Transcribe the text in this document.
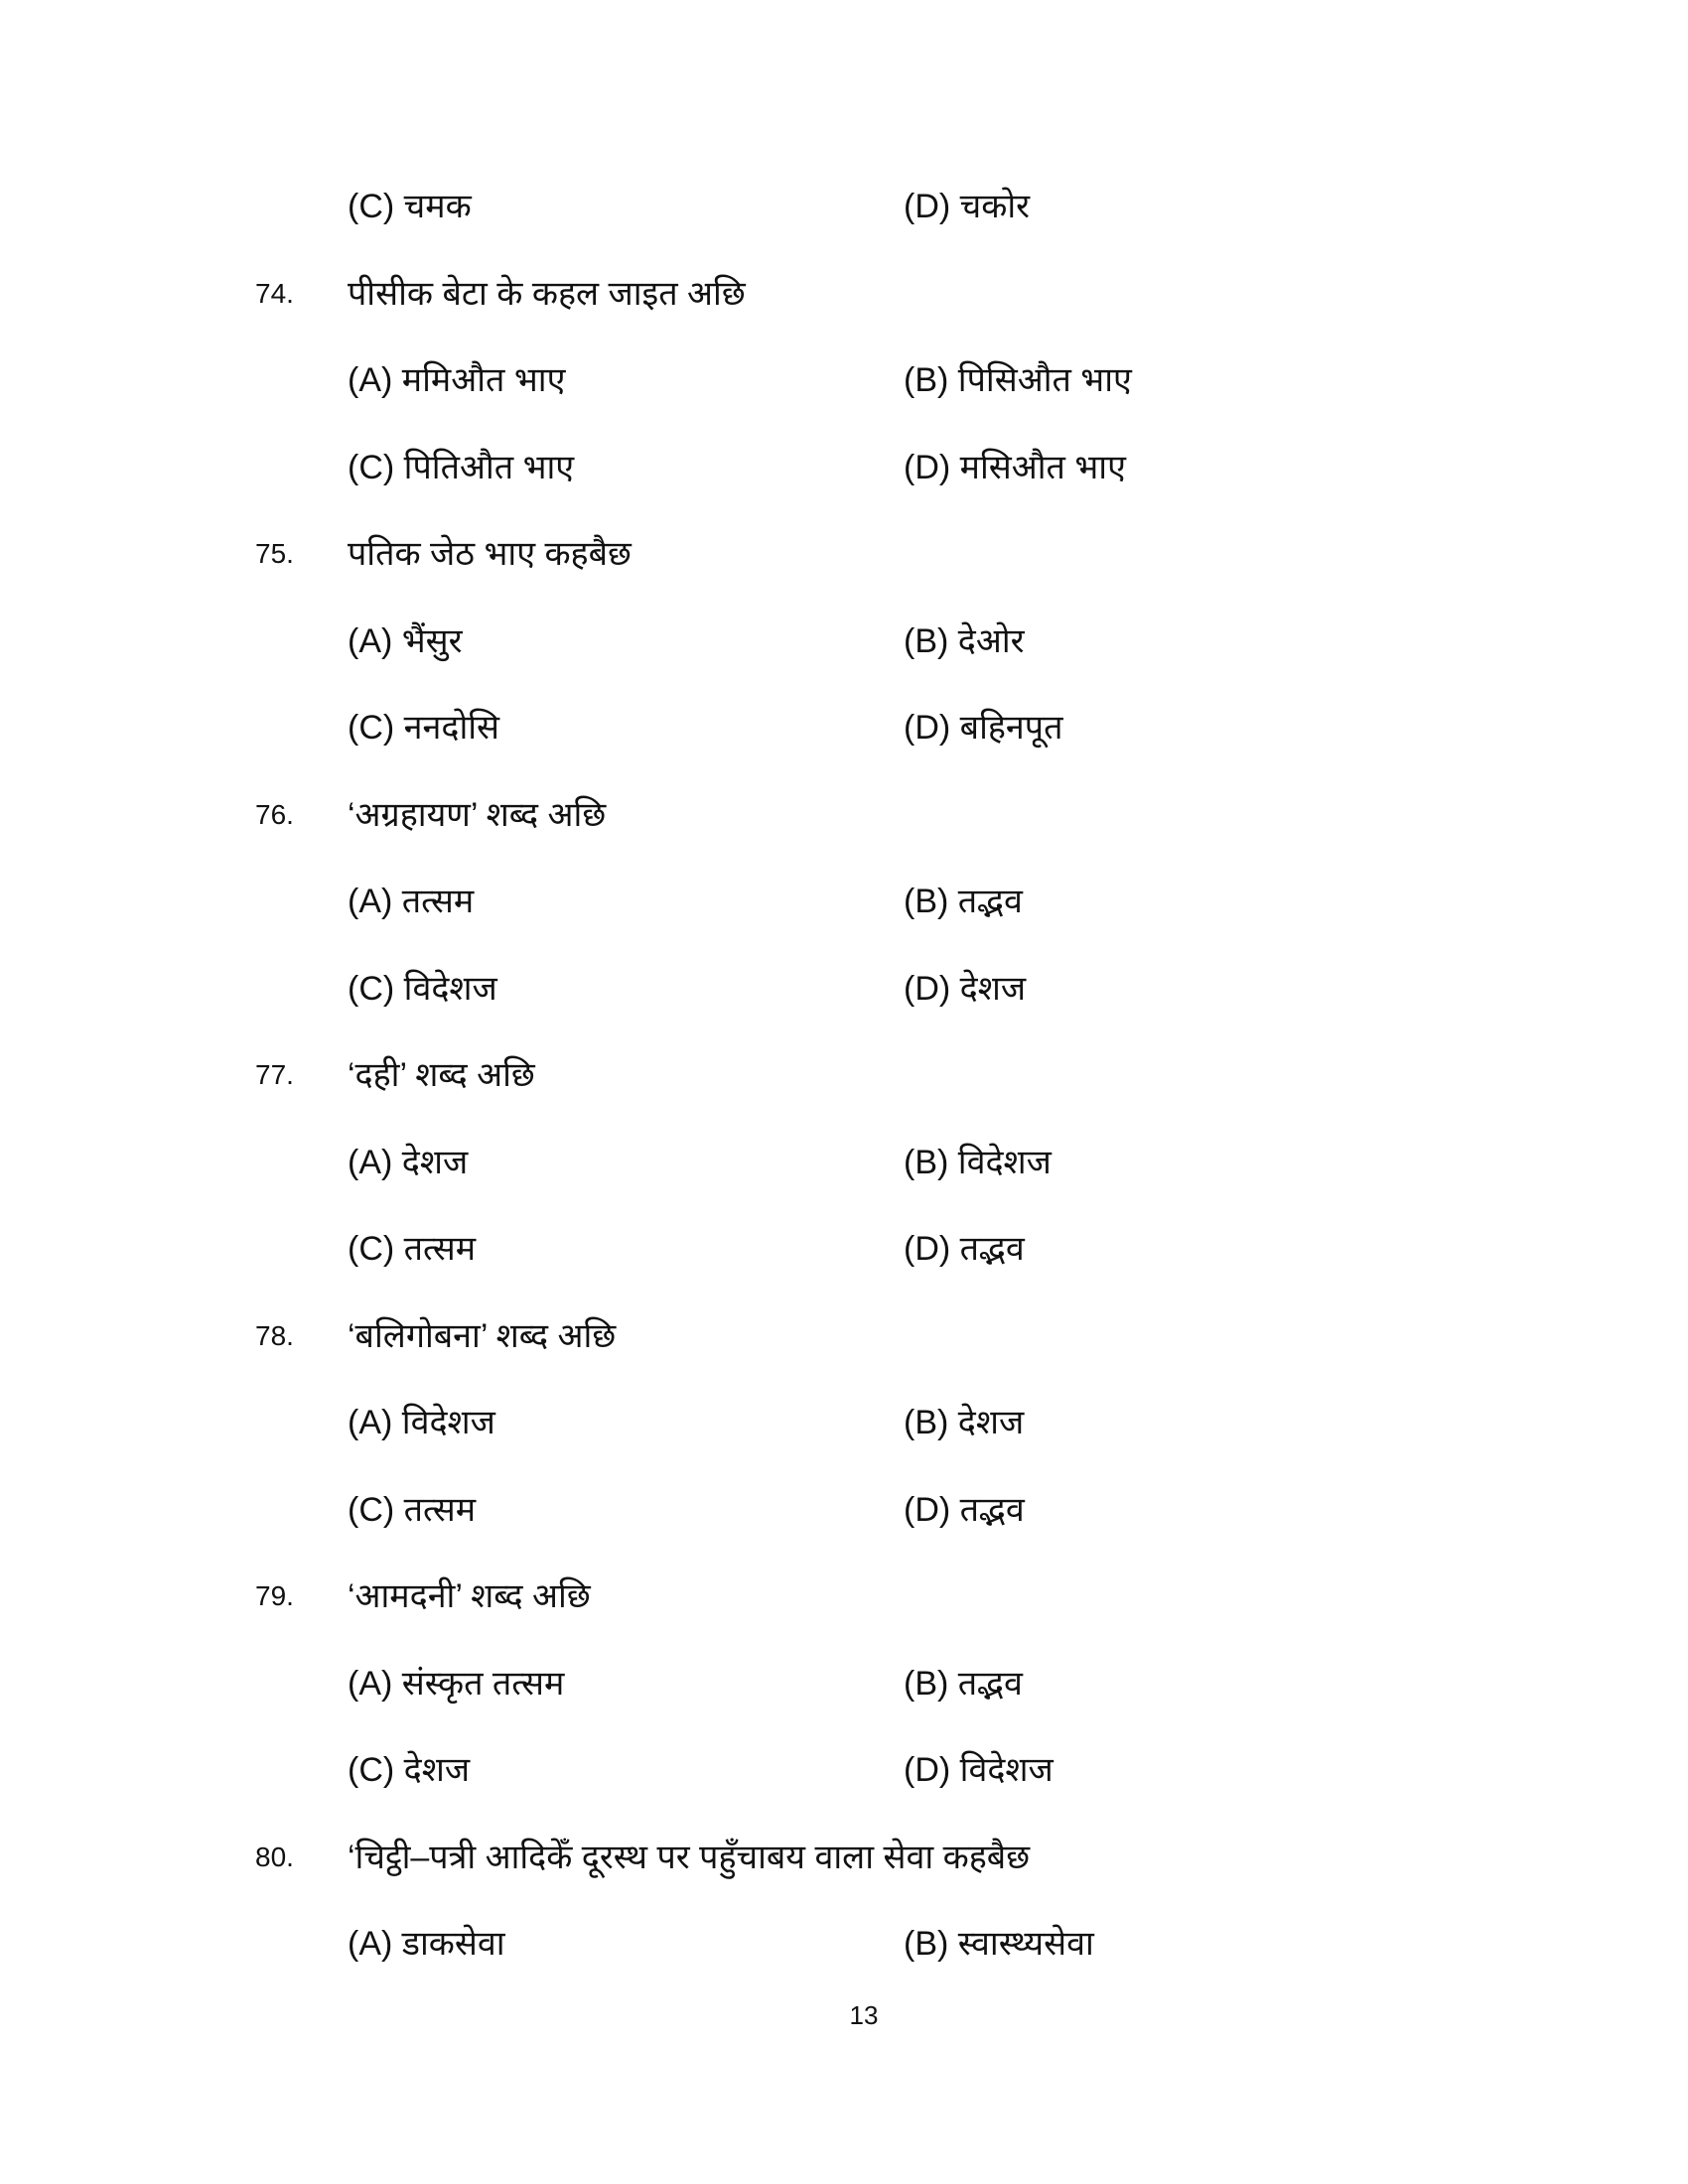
(C) चमक	(D) चकोर
74. पीसीक बेटा के कहल जाइत अछि
(A) ममिऔत भाए	(B) पिसिऔत भाए
(C) पितिऔत भाए	(D) मसिऔत भाए
75. पतिक जेठ भाए कहबैछ
(A) भैंसुर	(B) देओर
(C) ननदोसि	(D) बहिनपूत
76. ‘अग्रहायण’ शब्द अछि
(A) तत्सम	(B) तद्भव
(C) विदेशज	(D) देशज
77. ‘दही’ शब्द अछि
(A) देशज	(B) विदेशज
(C) तत्सम	(D) तद्भव
78. ‘बलिगोबना’ शब्द अछि
(A) विदेशज	(B) देशज
(C) तत्सम	(D) तद्भव
79. ‘आमदनी’ शब्द अछि
(A) संस्कृत तत्सम	(B) तद्भव
(C) देशज	(D) विदेशज
80. ‘चिट्ठी–पत्री आदिकेँ दूरस्थ पर पहुँचाबय वाला सेवा कहबैछ
(A) डाकसेवा	(B) स्वास्थ्यसेवा
13
